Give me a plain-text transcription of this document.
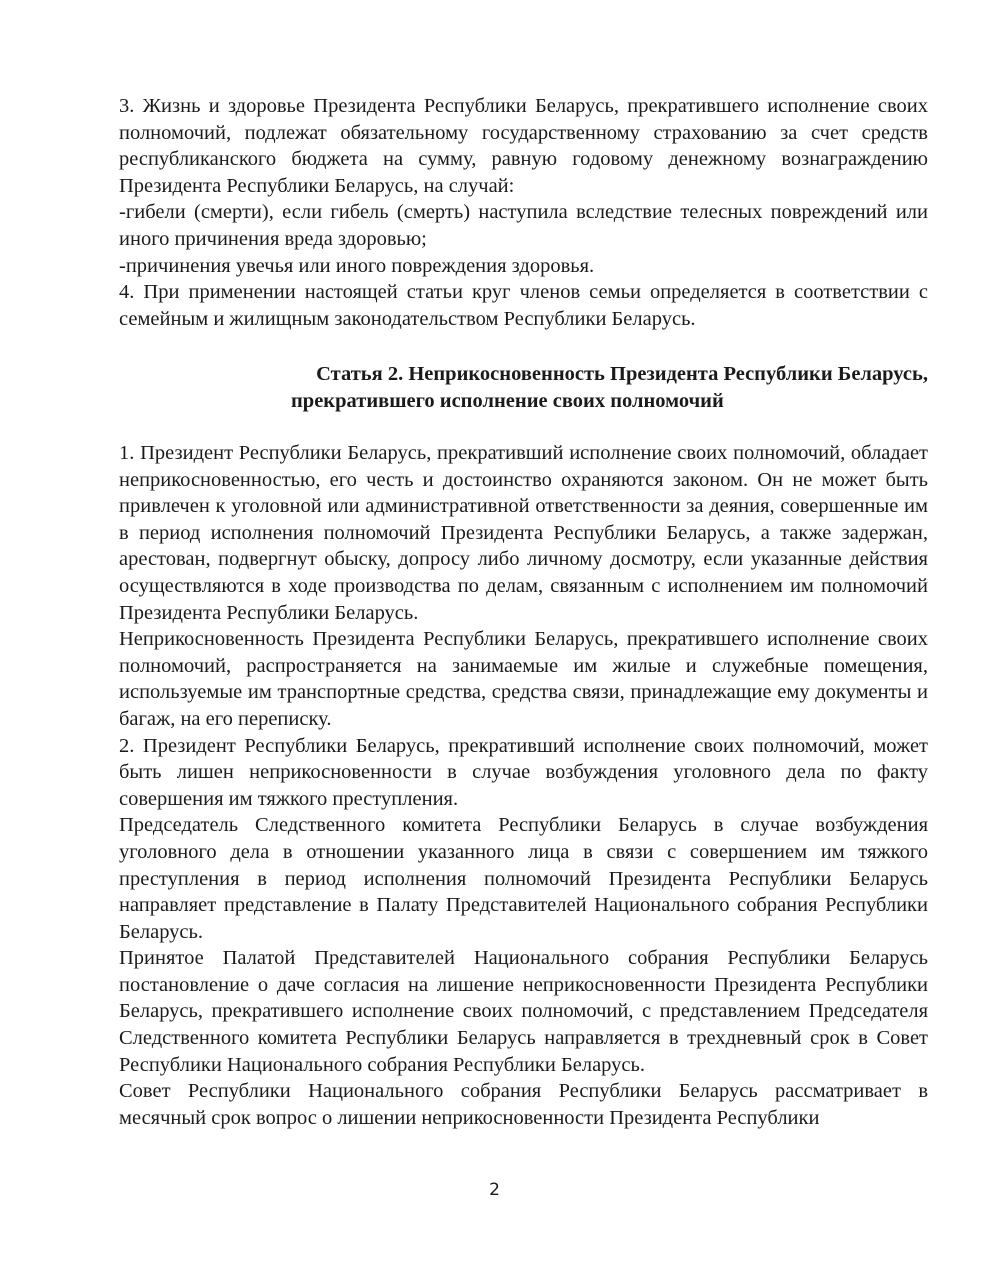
3. Жизнь и здоровье Президента Республики Беларусь, прекратившего исполнение своих полномочий, подлежат обязательному государственному страхованию за счет средств республиканского бюджета на сумму, равную годовому денежному вознаграждению Президента Республики Беларусь, на случай:

-гибели (смерти), если гибель (смерть) наступила вследствие телесных повреждений или иного причинения вреда здоровью;

-причинения увечья или иного повреждения здоровья.

4. При применении настоящей статьи круг членов семьи определяется в соответствии с семейным и жилищным законодательством Республики Беларусь.

Статья 2. Неприкосновенность Президента Республики Беларусь,
прекратившего исполнение своих полномочий

1. Президент Республики Беларусь, прекративший исполнение своих полномочий, обладает неприкосновенностью, его честь и достоинство охраняются законом. Он не может быть привлечен к уголовной или административной ответственности за деяния, совершенные им в период исполнения полномочий Президента Республики Беларусь, а также задержан, арестован, подвергнут обыску, допросу либо личному досмотру, если указанные действия осуществляются в ходе производства по делам, связанным с исполнением им полномочий Президента Республики Беларусь.

Неприкосновенность Президента Республики Беларусь, прекратившего исполнение своих полномочий, распространяется на занимаемые им жилые и служебные помещения, используемые им транспортные средства, средства связи, принадлежащие ему документы и багаж, на его переписку.

2. Президент Республики Беларусь, прекративший исполнение своих полномочий, может быть лишен неприкосновенности в случае возбуждения уголовного дела по факту совершения им тяжкого преступления.

Председатель Следственного комитета Республики Беларусь в случае возбуждения уголовного дела в отношении указанного лица в связи с совершением им тяжкого преступления в период исполнения полномочий Президента Республики Беларусь направляет представление в Палату Представителей Национального собрания Республики Беларусь.

Принятое Палатой Представителей Национального собрания Республики Беларусь постановление о даче согласия на лишение неприкосновенности Президента Республики Беларусь, прекратившего исполнение своих полномочий, с представлением Председателя Следственного комитета Республики Беларусь направляется в трехдневный срок в Совет Республики Национального собрания Республики Беларусь.

Совет Республики Национального собрания Республики Беларусь рассматривает в месячный срок вопрос о лишении неприкосновенности Президента Республики

2
